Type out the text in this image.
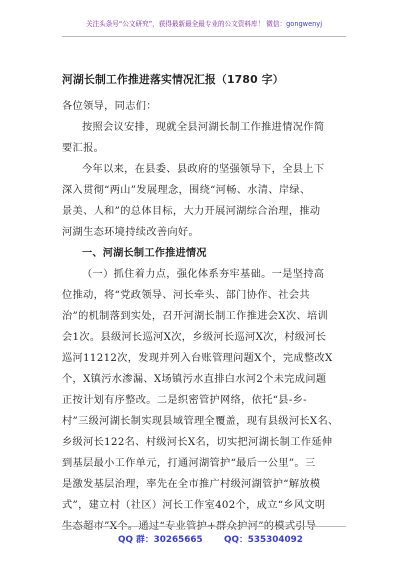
关注头条号“公文研究”，获得最新最全最专业的公文资料库！ 微信：gongwenyj
河湖长制工作推进落实情况汇报（1780 字）
各位领导，同志们：
按照会议安排，现就全县河湖长制工作推进情况作简
要汇报。
今年以来，在县委、县政府的坚强领导下，全县上下
深入贯彻“两山”发展理念，围绕“河畅、水清、岸绿、
景美、人和”的总体目标，大力开展河湖综合治理，推动
河湖生态环境持续改善向好。
一、河湖长制工作推进情况
（一）抓住着力点，强化体系夯牢基础。一是坚持高
位推动，将“党政领导、河长牵头、部门协作、社会共
治”的机制落到实处，召开河湖长制工作推进会X次、培训
会1次。县级河长巡河X次，乡级河长巡河X次，村级河长
巡河11212次，发现并列入台账管理问题X个，完成整改X
个，X镇污水渗漏、X场镇污水直排白水河2个未完成问题
正按计划有序整改。二是织密管护网络，依托“县-乡-
村”三级河湖长制实现县域管理全覆盖，现有县级河长X名、
乡级河长122名、村级河长X名，切实把河湖长制工作延伸
到基层最小工作单元，打通河湖管护“最后一公里”。三
是激发基层治理，率先在全市推广村级河湖管护“解放模
式”，建立村（社区）河长工作室402个，成立“乡风文明
QQ 群：30265665 QQ：535304092
